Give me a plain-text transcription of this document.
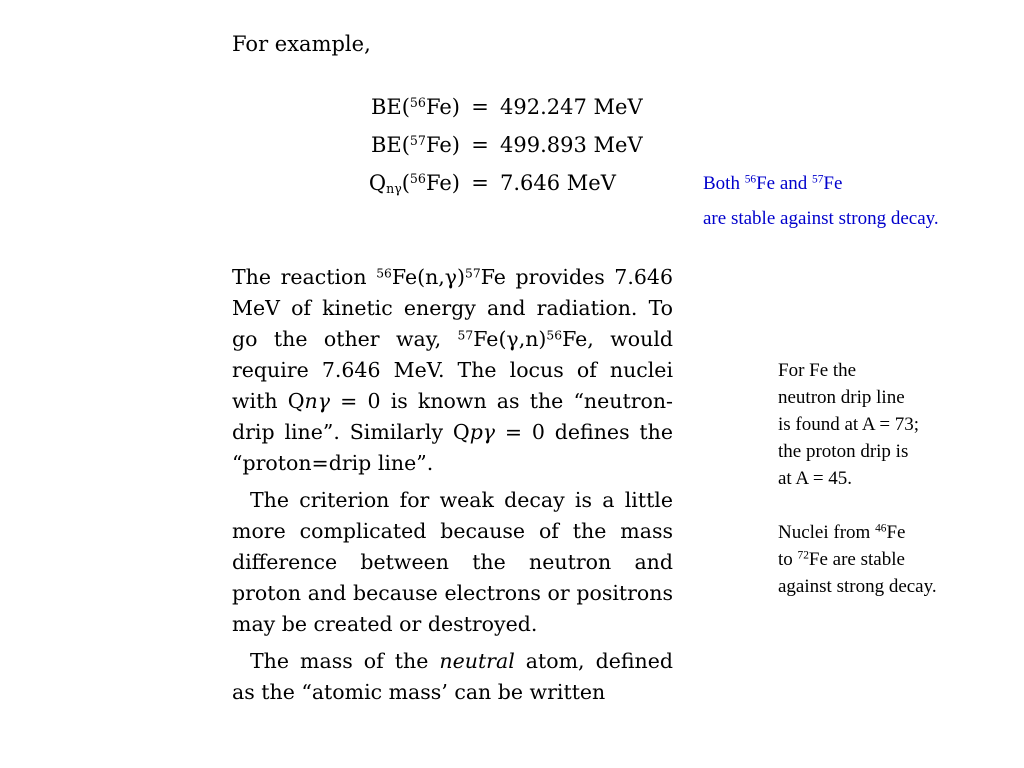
For example,
BE($^{56}$Fe) = 492.247 MeV
BE($^{57}$Fe) = 499.893 MeV
$Q_{n\gamma}(^{56}Fe) = 7.646$ MeV

The reaction $^{56}Fe(n,\gamma)^{57}Fe$ provides 7.646 MeV of kinetic energy and radiation. To go the other way, $^{57}Fe(\gamma,n)^{56}Fe$, would require 7.646 MeV. The locus of nuclei with Qnγ = 0 is known as the “neutron-drip line”. Similarly Qpγ = 0 defines the “proton=drip line”.

The criterion for weak decay is a little more complicated because of the mass difference between the neutron and proton and because electrons or positrons may be created or destroyed.

The mass of the neutral atom, defined as the “atomic mass’ can be written

Both $^{56}$Fe and $^{57}$Fe
are stable against strong decay.
For Fe the
neutron drip line
is found at A = 73;
the proton drip is
at A = 45.
Nuclei from $^{46}$Fe
to $^{72}$Fe are stable
against strong decay.
